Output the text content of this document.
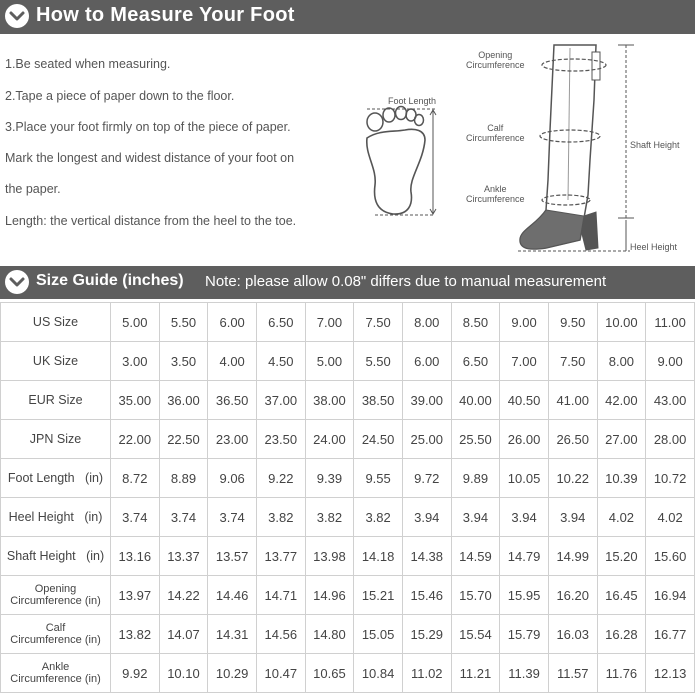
How to Measure Your Foot
1.Be seated when measuring.
2.Tape a piece of paper down to the floor.
3.Place your foot firmly on top of the piece of paper.
Mark the longest and widest distance of your foot on
the paper.
Length: the vertical distance from the heel to the toe.
Foot Length
Opening
Circumference
Calf
Circumference
Ankle
Circumference
Shaft Height
Heel Height
Size Guide (inches) Note: please allow 0.08" differs due to manual measurement
US Size	5.00	5.50	6.00	6.50	7.00	7.50	8.00	8.50	9.00	9.50	10.00	11.00
UK Size	3.00	3.50	4.00	4.50	5.00	5.50	6.00	6.50	7.00	7.50	8.00	9.00
EUR Size	35.00	36.00	36.50	37.00	38.00	38.50	39.00	40.00	40.50	41.00	42.00	43.00
JPN Size	22.00	22.50	23.00	23.50	24.00	24.50	25.00	25.50	26.00	26.50	27.00	28.00
Foot Length   (in)	8.72	8.89	9.06	9.22	9.39	9.55	9.72	9.89	10.05	10.22	10.39	10.72
Heel Height   (in)	3.74	3.74	3.74	3.82	3.82	3.82	3.94	3.94	3.94	3.94	4.02	4.02
Shaft Height   (in)	13.16	13.37	13.57	13.77	13.98	14.18	14.38	14.59	14.79	14.99	15.20	15.60

Opening
Circumference (in)	13.97	14.22	14.46	14.71	14.96	15.21	15.46	15.70	15.95	16.20	16.45	16.94

Calf
Circumference (in)	13.82	14.07	14.31	14.56	14.80	15.05	15.29	15.54	15.79	16.03	16.28	16.77

Ankle
Circumference (in)	9.92	10.10	10.29	10.47	10.65	10.84	11.02	11.21	11.39	11.57	11.76	12.13
